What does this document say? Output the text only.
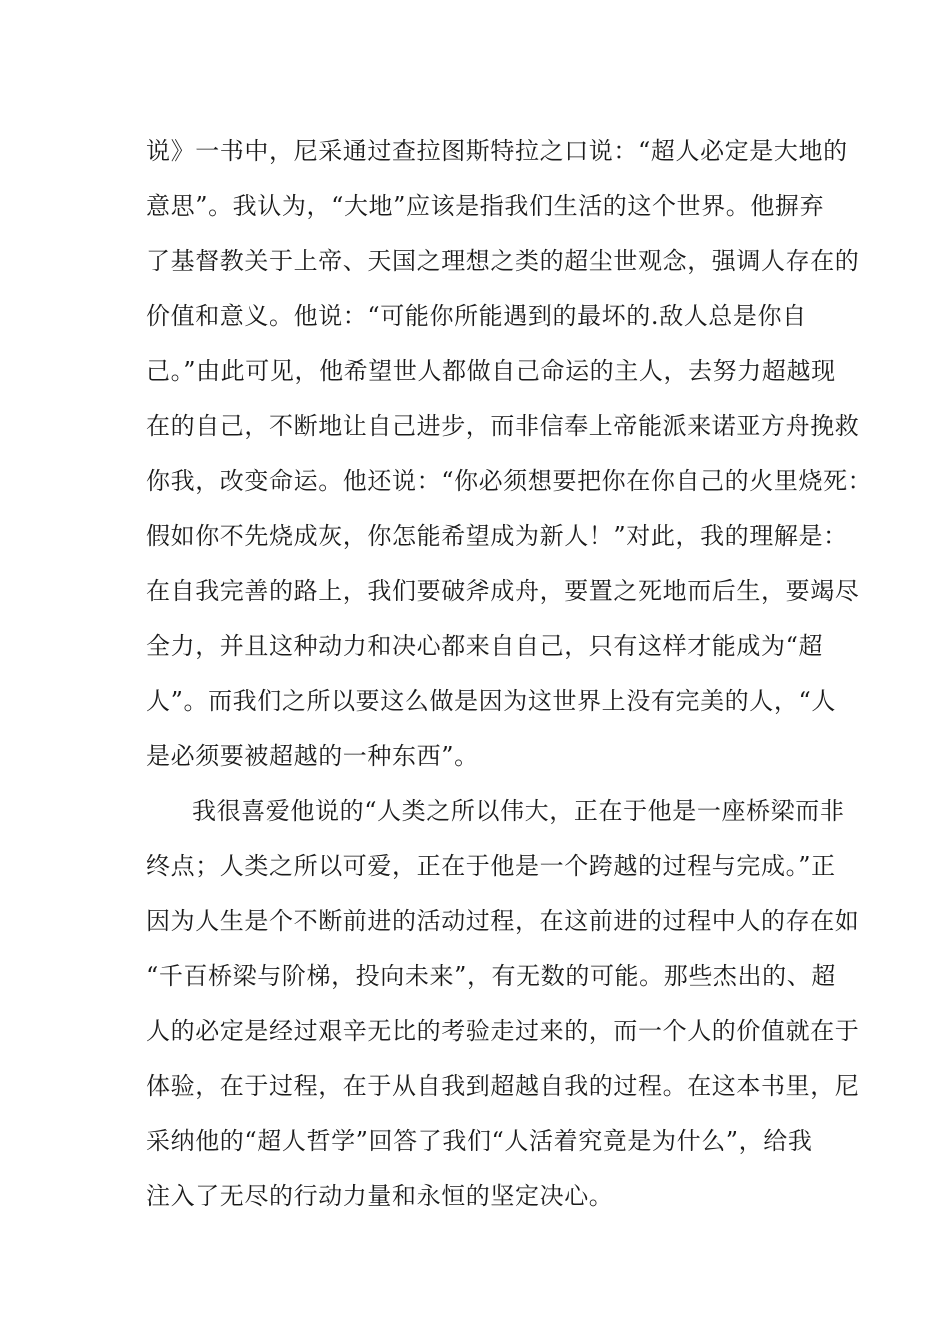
说》一书中，尼采通过查拉图斯特拉之口说：“超人必定是大地的
意思”。我认为，“大地”应该是指我们生活的这个世界。他摒弃
了基督教关于上帝、天国之理想之类的超尘世观念，强调人存在的
价值和意义。他说：“可能你所能遇到的最坏的.敌人总是你自
己。”由此可见，他希望世人都做自己命运的主人，去努力超越现
在的自己，不断地让自己进步，而非信奉上帝能派来诺亚方舟挽救
你我，改变命运。他还说：“你必须想要把你在你自己的火里烧死：
假如你不先烧成灰，你怎能希望成为新人！”对此，我的理解是：
在自我完善的路上，我们要破斧成舟，要置之死地而后生，要竭尽
全力，并且这种动力和决心都来自自己，只有这样才能成为“超
人”。而我们之所以要这么做是因为这世界上没有完美的人，“人
是必须要被超越的一种东西”。
我很喜爱他说的“人类之所以伟大，正在于他是一座桥梁而非
终点；人类之所以可爱，正在于他是一个跨越的过程与完成。”正
因为人生是个不断前进的活动过程，在这前进的过程中人的存在如
“千百桥梁与阶梯，投向未来”，有无数的可能。那些杰出的、超
人的必定是经过艰辛无比的考验走过来的，而一个人的价值就在于
体验，在于过程，在于从自我到超越自我的过程。在这本书里，尼
采纳他的“超人哲学”回答了我们“人活着究竟是为什么”，给我
注入了无尽的行动力量和永恒的坚定决心。
